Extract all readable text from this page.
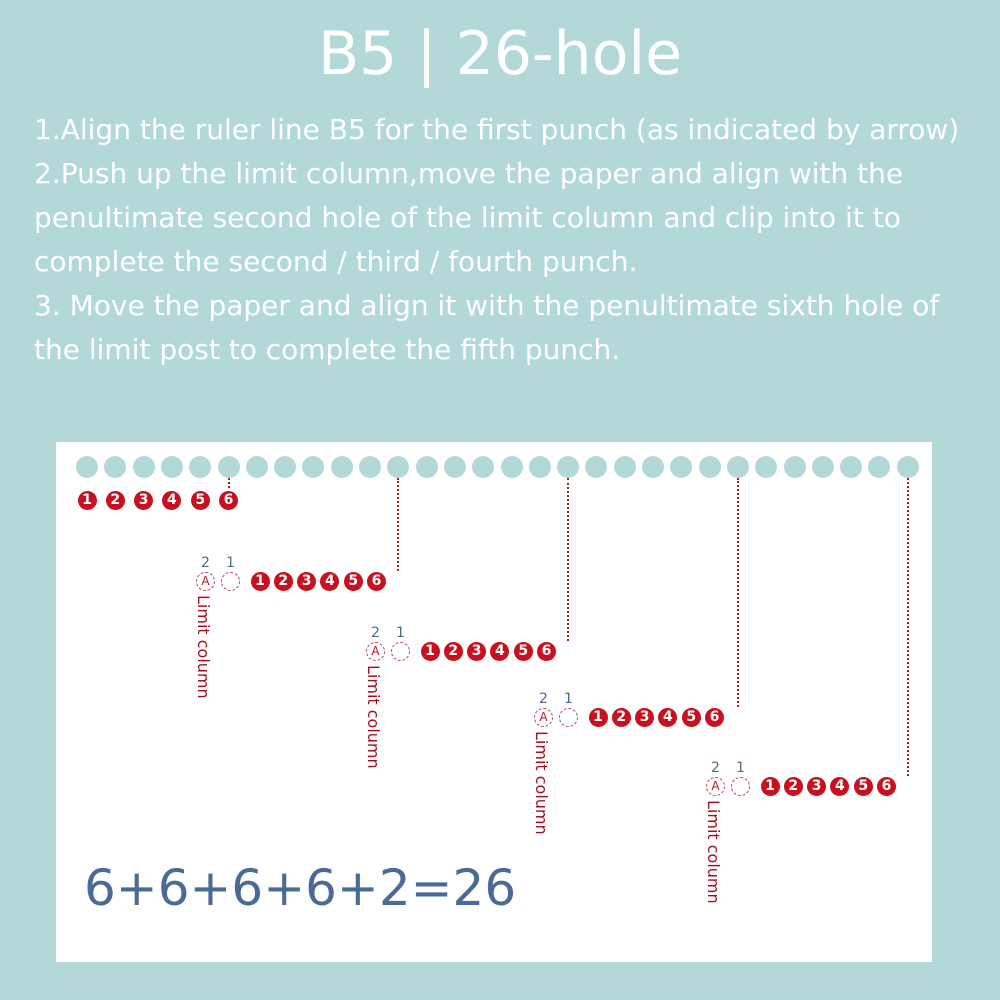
B5 | 26-hole
1.Align the ruler line B5 for the first punch (as indicated by arrow)
2.Push up the limit column,move the paper and align with the penultimate second hole of the limit column and clip into it to complete the second / third / fourth punch.
3. Move the paper and align it with the penultimate sixth hole of the limit post to complete the fifth punch.
1	2	3	4	5	6
2 1
A	1 2 3 4 5 6
Limit column	2 1
A	1 2 3 4 5 6
Limit column	2 1
A	1 2 3 4 5 6
Limit column	2 1
A	1 2 3 4 5 6
Limit column
6+6+6+6+2=26
